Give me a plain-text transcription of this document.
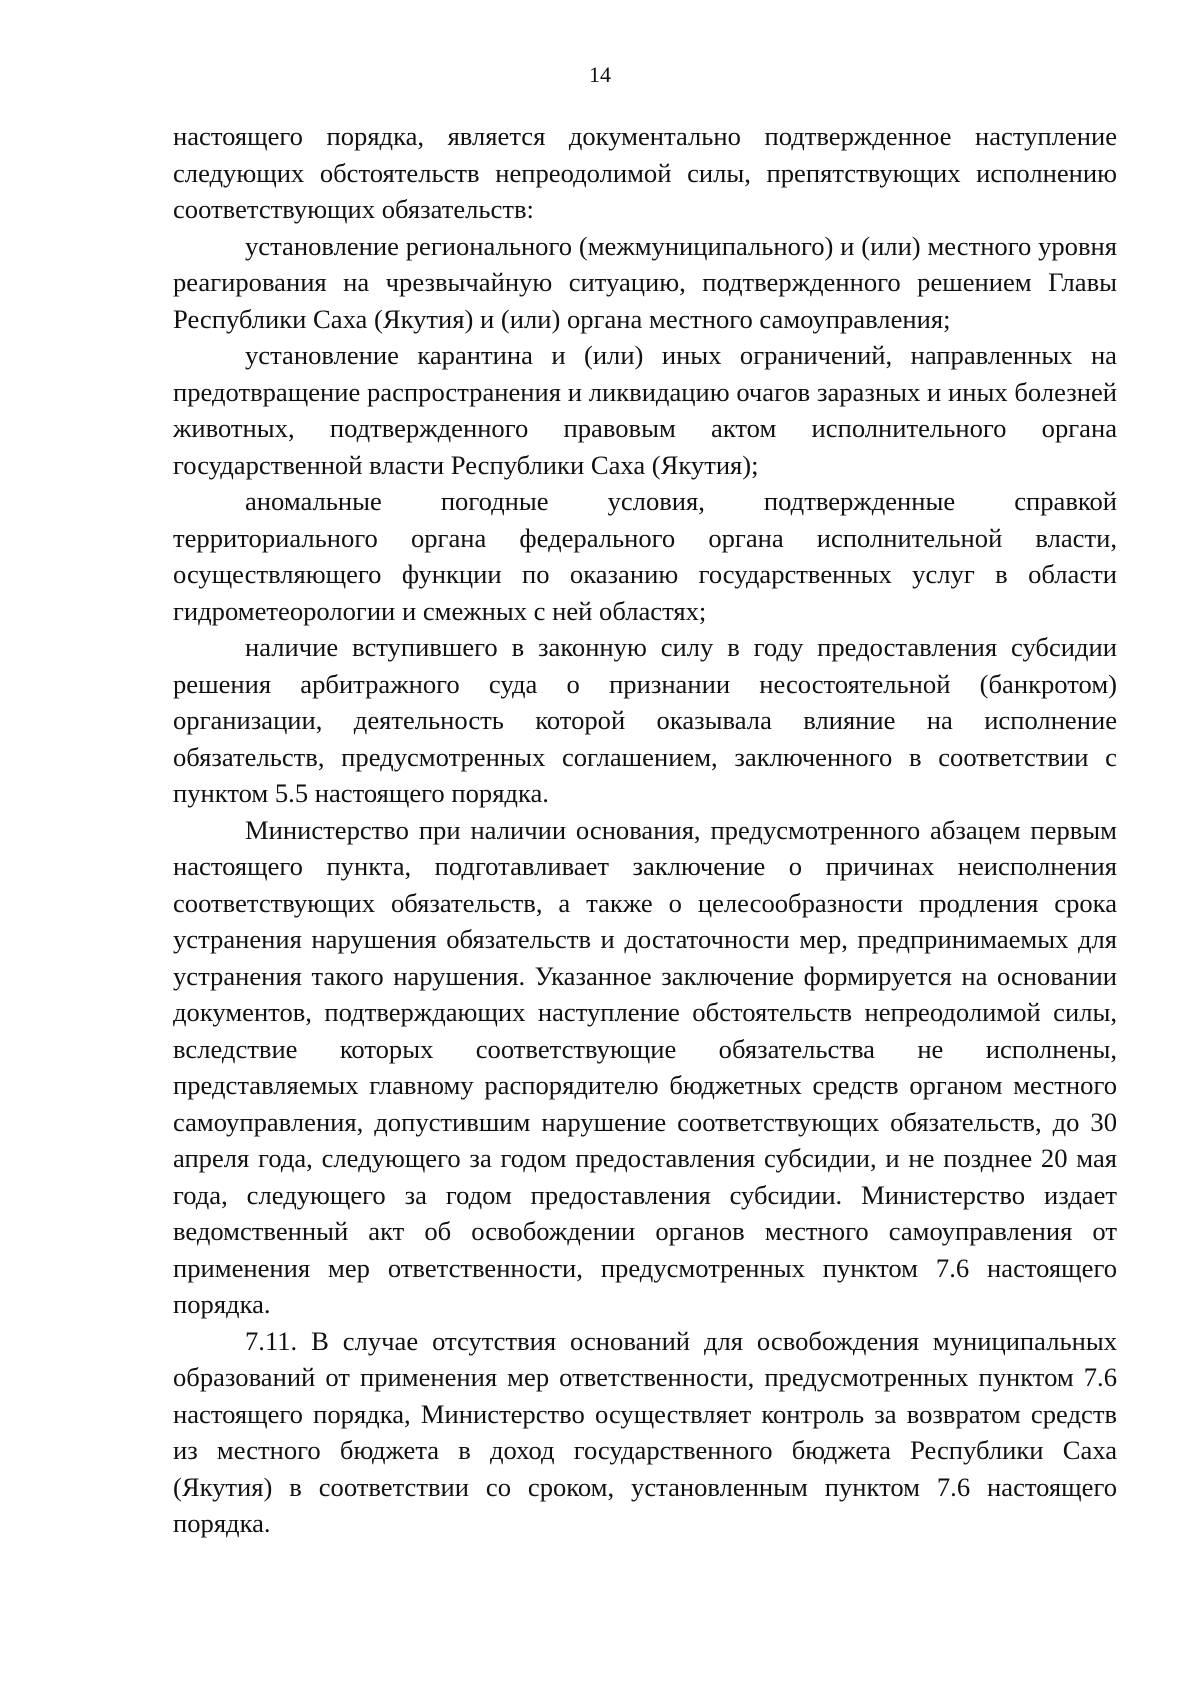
14

настоящего порядка, является документально подтвержденное наступление следующих обстоятельств непреодолимой силы, препятствующих исполнению соответствующих обязательств:

установление регионального (межмуниципального) и (или) местного уровня реагирования на чрезвычайную ситуацию, подтвержденного решением Главы Республики Саха (Якутия) и (или) органа местного самоуправления;

установление карантина и (или) иных ограничений, направленных на предотвращение распространения и ликвидацию очагов заразных и иных болезней животных, подтвержденного правовым актом исполнительного органа государственной власти Республики Саха (Якутия);

аномальные погодные условия, подтвержденные справкой территориального органа федерального органа исполнительной власти, осуществляющего функции по оказанию государственных услуг в области гидрометеорологии и смежных с ней областях;

наличие вступившего в законную силу в году предоставления субсидии решения арбитражного суда о признании несостоятельной (банкротом) организации, деятельность которой оказывала влияние на исполнение обязательств, предусмотренных соглашением, заключенного в соответствии с пунктом 5.5 настоящего порядка.

Министерство при наличии основания, предусмотренного абзацем первым настоящего пункта, подготавливает заключение о причинах неисполнения соответствующих обязательств, а также о целесообразности продления срока устранения нарушения обязательств и достаточности мер, предпринимаемых для устранения такого нарушения. Указанное заключение формируется на основании документов, подтверждающих наступление обстоятельств непреодолимой силы, вследствие которых соответствующие обязательства не исполнены, представляемых главному распорядителю бюджетных средств органом местного самоуправления, допустившим нарушение соответствующих обязательств, до 30 апреля года, следующего за годом предоставления субсидии, и не позднее 20 мая года, следующего за годом предоставления субсидии. Министерство издает ведомственный акт об освобождении органов местного самоуправления от применения мер ответственности, предусмотренных пунктом 7.6 настоящего порядка.

7.11. В случае отсутствия оснований для освобождения муниципальных образований от применения мер ответственности, предусмотренных пунктом 7.6 настоящего порядка, Министерство осуществляет контроль за возвратом средств из местного бюджета в доход государственного бюджета Республики Саха (Якутия) в соответствии со сроком, установленным пунктом 7.6 настоящего порядка.
